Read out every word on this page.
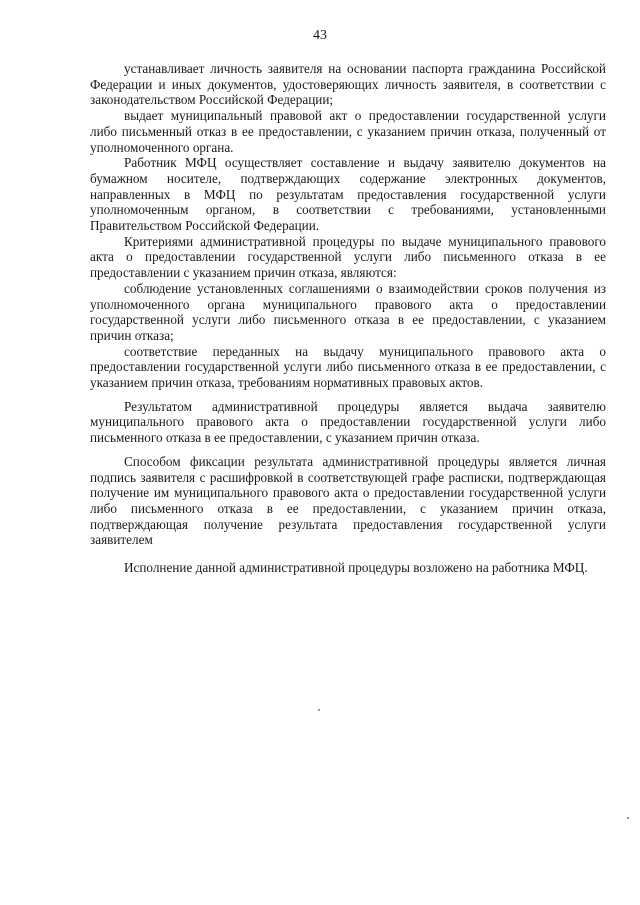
43

устанавливает личность заявителя на основании паспорта гражданина Российской Федерации и иных документов, удостоверяющих личность заявителя, в соответствии с законодательством Российской Федерации;

выдает муниципальный правовой акт о предоставлении государственной услуги либо письменный отказ в ее предоставлении, с указанием причин отказа, полученный от уполномоченного органа.

Работник МФЦ осуществляет составление и выдачу заявителю документов на бумажном носителе, подтверждающих содержание электронных документов, направленных в МФЦ по результатам предоставления государственной услуги уполномоченным органом, в соответствии с требованиями, установленными Правительством Российской Федерации.

Критериями административной процедуры по выдаче муниципального правового акта о предоставлении государственной услуги либо письменного отказа в ее предоставлении с указанием причин отказа, являются:

соблюдение установленных соглашениями о взаимодействии сроков получения из уполномоченного органа муниципального правового акта о предоставлении государственной услуги либо письменного отказа в ее предоставлении, с указанием причин отказа;

соответствие переданных на выдачу муниципального правового акта о предоставлении государственной услуги либо письменного отказа в ее предоставлении, с указанием причин отказа, требованиям нормативных правовых актов.

Результатом административной процедуры является выдача заявителю муниципального правового акта о предоставлении государственной услуги либо письменного отказа в ее предоставлении, с указанием причин отказа.

Способом фиксации результата административной процедуры является личная подпись заявителя с расшифровкой в соответствующей графе расписки, подтверждающая получение им муниципального правового акта о предоставлении государственной услуги либо письменного отказа в ее предоставлении, с указанием причин отказа, подтверждающая получение результата предоставления государственной услуги заявителем

Исполнение данной административной процедуры возложено на работника МФЦ.
